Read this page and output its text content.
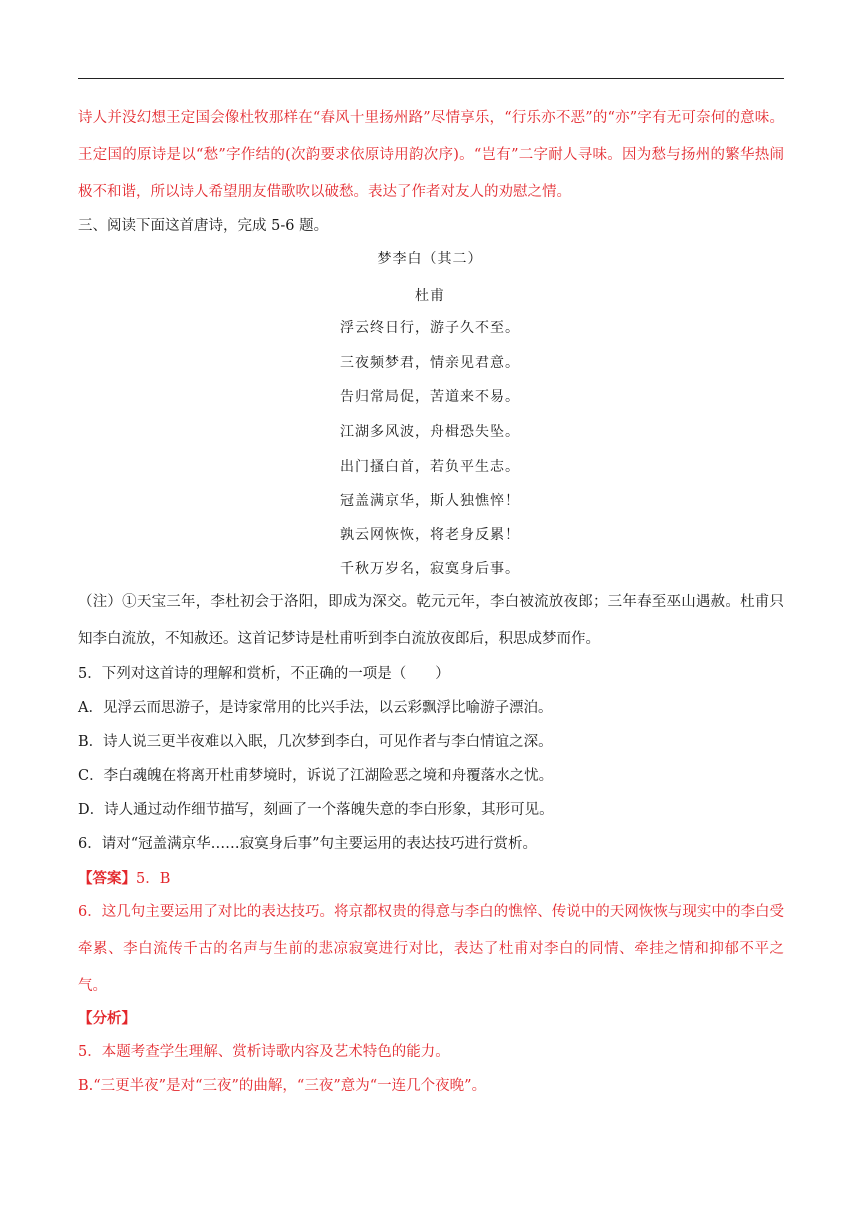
诗人并没幻想王定国会像杜牧那样在“春风十里扬州路”尽情享乐，“行乐亦不恶”的“亦”字有无可奈何的意味。王定国的原诗是以“愁”字作结的(次韵要求依原诗用韵次序)。“岂有”二字耐人寻味。因为愁与扬州的繁华热闹极不和谐，所以诗人希望朋友借歌吹以破愁。表达了作者对友人的劝慰之情。

三、阅读下面这首唐诗，完成 5-6 题。

梦李白（其二）

杜甫

浮云终日行，游子久不至。

三夜频梦君，情亲见君意。

告归常局促，苦道来不易。

江湖多风波，舟楫恐失坠。

出门搔白首，若负平生志。

冠盖满京华，斯人独憔悴！

孰云网恢恢，将老身反累！

千秋万岁名，寂寞身后事。

（注）①天宝三年，李杜初会于洛阳，即成为深交。乾元元年，李白被流放夜郎；三年春至巫山遇赦。杜甫只知李白流放，不知赦还。这首记梦诗是杜甫听到李白流放夜郎后，积思成梦而作。

5．下列对这首诗的理解和赏析，不正确的一项是（　　）

A．见浮云而思游子，是诗家常用的比兴手法，以云彩飘浮比喻游子漂泊。

B．诗人说三更半夜难以入眠，几次梦到李白，可见作者与李白情谊之深。

C．李白魂魄在将离开杜甫梦境时，诉说了江湖险恶之境和舟覆落水之忧。

D．诗人通过动作细节描写，刻画了一个落魄失意的李白形象，其形可见。

6．请对“冠盖满京华……寂寞身后事”句主要运用的表达技巧进行赏析。

【答案】5．B

6．这几句主要运用了对比的表达技巧。将京都权贵的得意与李白的憔悴、传说中的天网恢恢与现实中的李白受牵累、李白流传千古的名声与生前的悲凉寂寞进行对比，表达了杜甫对李白的同情、牵挂之情和抑郁不平之气。

【分析】

5．本题考查学生理解、赏析诗歌内容及艺术特色的能力。

B.“三更半夜”是对“三夜”的曲解，“三夜”意为“一连几个夜晚”。
